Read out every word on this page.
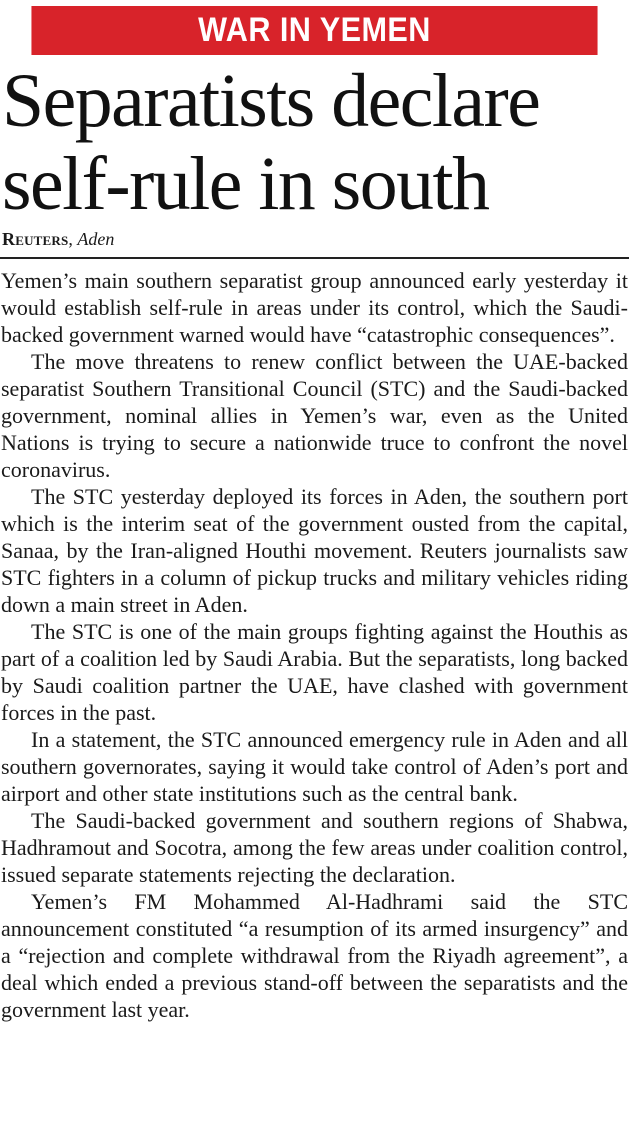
WAR IN YEMEN
Separatists declare
self-rule in south
Reuters, Aden

Yemen’s main southern separatist group announced early yesterday it would establish self-rule in areas under its control, which the Saudi-backed government warned would have “catastrophic consequences”.

The move threatens to renew conflict between the UAE-backed separatist Southern Transitional Council (STC) and the Saudi-backed government, nominal allies in Yemen’s war, even as the United Nations is trying to secure a nationwide truce to confront the novel coronavirus.

The STC yesterday deployed its forces in Aden, the southern port which is the interim seat of the government ousted from the capital, Sanaa, by the Iran-aligned Houthi movement. Reuters journalists saw STC fighters in a column of pickup trucks and military vehicles riding down a main street in Aden.

The STC is one of the main groups fighting against the Houthis as part of a coalition led by Saudi Arabia. But the separatists, long backed by Saudi coalition partner the UAE, have clashed with government forces in the past.

In a statement, the STC announced emergency rule in Aden and all southern governorates, saying it would take control of Aden’s port and airport and other state institutions such as the central bank.

The Saudi-backed government and southern regions of Shabwa, Hadhramout and Socotra, among the few areas under coalition control, issued separate statements rejecting the declaration.

Yemen’s FM Mohammed Al-Hadhrami said the STC announcement constituted “a resumption of its armed insurgency” and a “rejection and complete withdrawal from the Riyadh agreement”, a deal which ended a previous stand-off between the separatists and the government last year.
